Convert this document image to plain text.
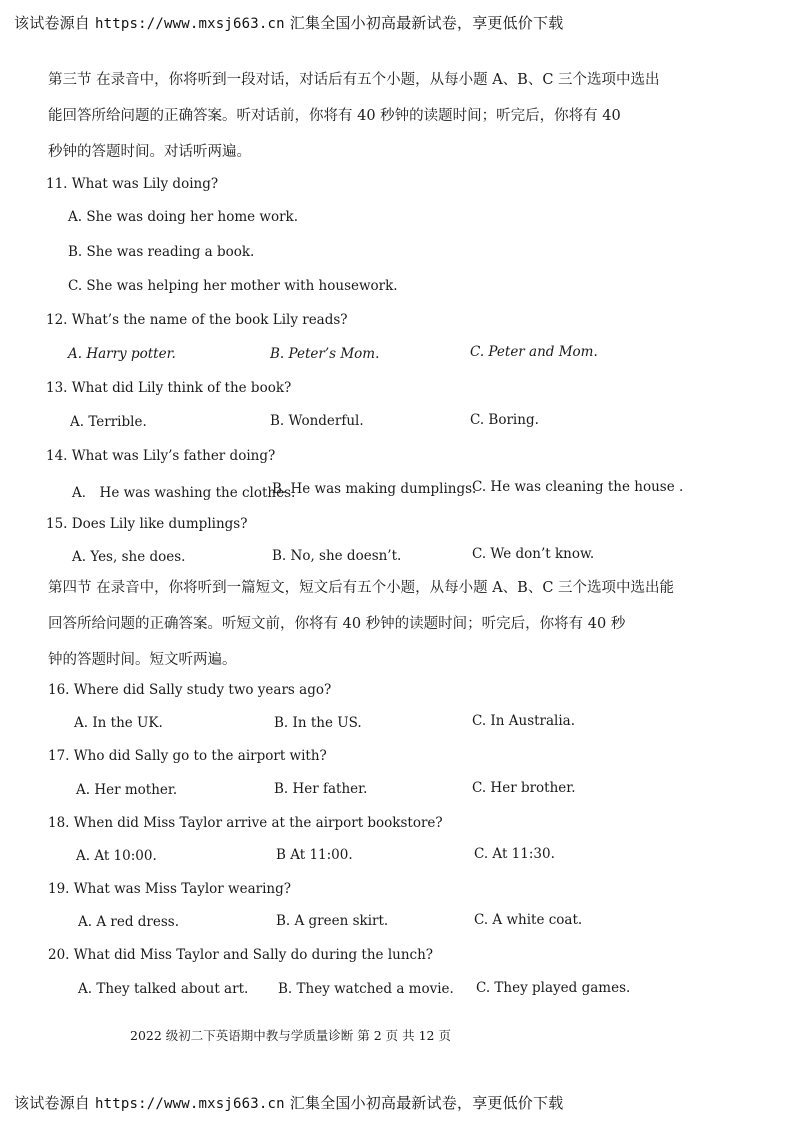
该试卷源自 https://www.mxsj663.cn 汇集全国小初高最新试卷，享更低价下载
第三节 在录音中，你将听到一段对话，对话后有五个小题，从每小题 A、B、C 三个选项中选出
能回答所给问题的正确答案。听对话前，你将有 40 秒钟的读题时间；听完后，你将有 40
秒钟的答题时间。对话听两遍。
11. What was Lily doing?
A. She was doing her home work.
B. She was reading a book.
C. She was helping her mother with housework.
12. What’s the name of the book Lily reads?
A. Harry potter.	B. Peter’s Mom.	C. Peter and Mom.
13. What did Lily think of the book?
A. Terrible.	B. Wonderful.	C. Boring.
14. What was Lily’s father doing?
A． He was washing the clothes.
B. He was making dumplings.
C. He was cleaning the house .
15. Does Lily like dumplings?
A. Yes, she does.	B. No, she doesn’t.	C. We don’t know.
第四节 在录音中，你将听到一篇短文，短文后有五个小题，从每小题 A、B、C 三个选项中选出能
回答所给问题的正确答案。听短文前，你将有 40 秒钟的读题时间；听完后，你将有 40 秒
钟的答题时间。短文听两遍。
16. Where did Sally study two years ago?
A. In the UK.	B. In the US.	C. In Australia.
17. Who did Sally go to the airport with?
A. Her mother.	B. Her father.	C. Her brother.
18. When did Miss Taylor arrive at the airport bookstore?
A. At 10:00.	B At 11:00.	C. At 11:30.
19. What was Miss Taylor wearing?
A. A red dress.	B. A green skirt.	C. A white coat.
20. What did Miss Taylor and Sally do during the lunch?
A. They talked about art. B. They watched a movie. C. They played games.
2022 级初二下英语期中教与学质量诊断 第 2 页 共 12 页
该试卷源自 https://www.mxsj663.cn 汇集全国小初高最新试卷，享更低价下载
